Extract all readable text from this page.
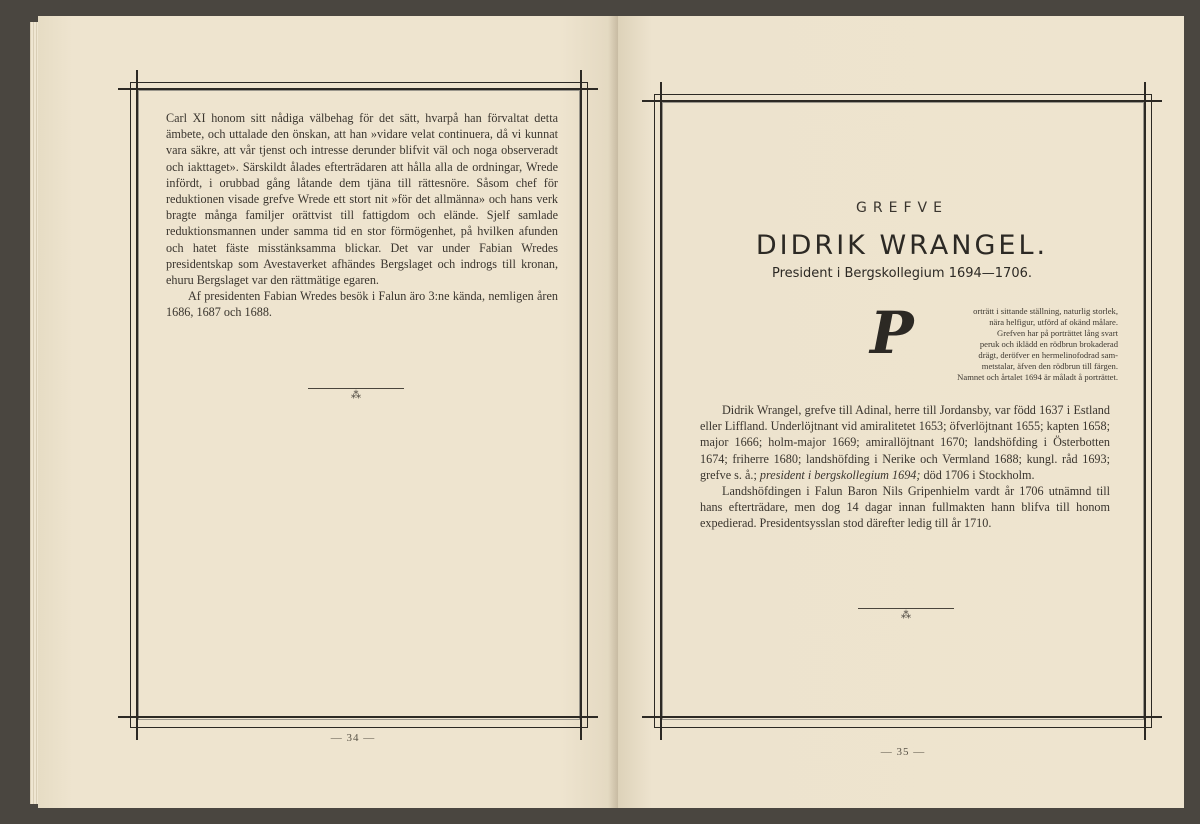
Carl XI honom sitt nådiga välbehag för det sätt, hvarpå han förvaltat detta ämbete, och uttalade den önskan, att han »vidare velat continuera, då vi kunnat vara säkre, att vår tjenst och intresse derunder blifvit väl och noga observeradt och iakttaget». Särskildt ålades efterträdaren att hålla alla de ordningar, Wrede infördt, i orubbad gång låtande dem tjäna till rättesnöre. Såsom chef för reduktionen visade grefve Wrede ett stort nit »för det allmänna» och hans verk bragte många familjer orättvist till fattigdom och elände. Sjelf samlade reduktionsmannen under samma tid en stor förmögenhet, på hvilken afunden och hatet fäste misstänksamma blickar. Det var under Fabian Wredes presidentskap som Avestaverket afhändes Bergslaget och indrogs till kronan, ehuru Bergslaget var den rättmätige egaren.

Af presidenten Fabian Wredes besök i Falun äro 3:ne kända, nemligen åren 1686, 1687 och 1688.

⁂
— 34 —
GREFVE
DIDRIK WRANGEL.
President i Bergskollegium 1694—1706.
P	orträtt i sittande ställning, naturlig storlek,
nära helfigur, utförd af okänd målare.
Grefven har på porträttet lång svart
peruk och iklädd en rödbrun brokaderad
drägt, deröfver en hermelinofodrad sam-
metstalar, äfven den rödbrun till färgen.
Namnet och årtalet 1694 är måladt å porträttet.

Didrik Wrangel, grefve till Adinal, herre till Jordansby, var född 1637 i Estland eller Liffland. Underlöjtnant vid amiralitetet 1653; öfverlöjtnant 1655; kapten 1658; major 1666; holm-major 1669; amirallöjtnant 1670; landshöfding i Österbotten 1674; friherre 1680; landshöfding i Nerike och Vermland 1688; kungl. råd 1693; grefve s. å.; president i bergskollegium 1694; död 1706 i Stockholm.

Landshöfdingen i Falun Baron Nils Gripenhielm vardt år 1706 utnämnd till hans efterträdare, men dog 14 dagar innan fullmakten hann blifva till honom expedierad. Presidentsysslan stod därefter ledig till år 1710.

⁂
— 35 —
